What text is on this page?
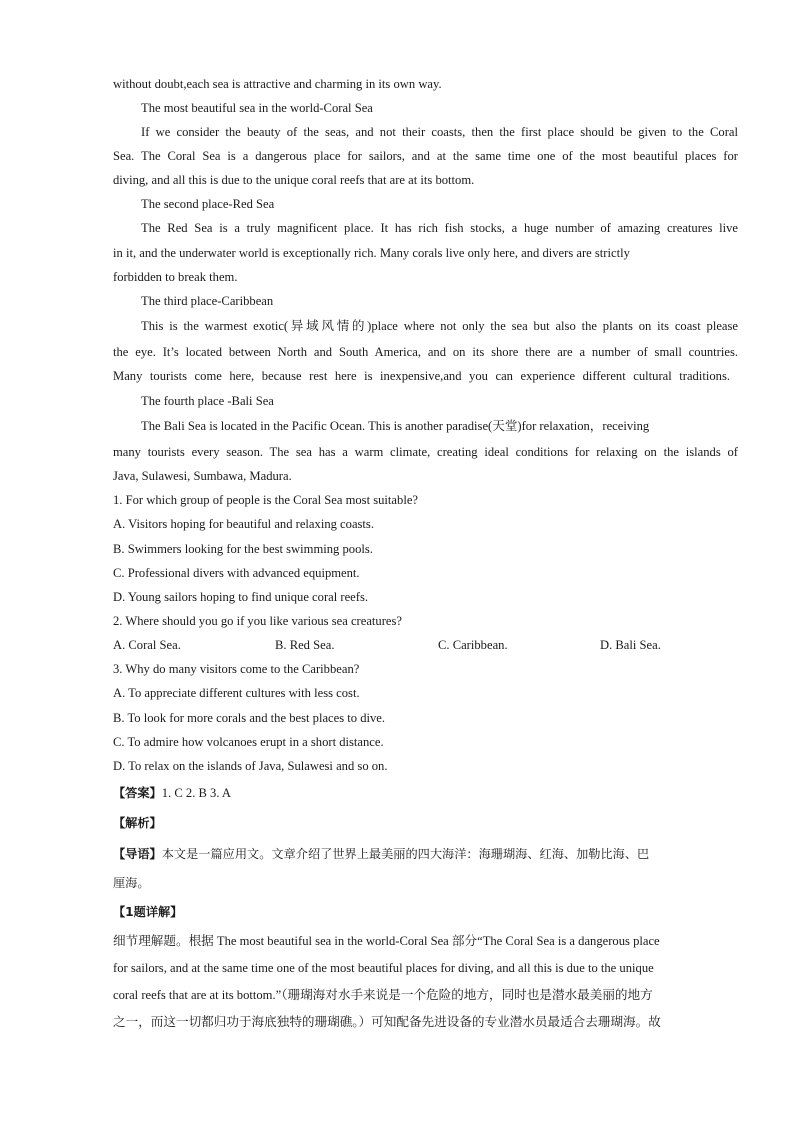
without doubt,each sea is attractive and charming in its own way.
The most beautiful sea in the world-Coral Sea
If we consider the beauty of the seas, and not their coasts, then the first place should be given to the Coral
Sea. The Coral Sea is a dangerous place for sailors, and at the same time one of the most beautiful places for
diving, and all this is due to the unique coral reefs that are at its bottom.
The second place-Red Sea
The Red Sea is a truly magnificent place. It has rich fish stocks, a huge number of amazing creatures live
in it, and the underwater world is exceptionally rich. Many corals live only here, and divers are strictly
forbidden to break them.
The third place-Caribbean
This is the warmest exotic(异域风情的)place where not only the sea but also the plants on its coast please
the eye. It’s located between North and South America, and on its shore there are a number of small countries.
Many tourists come here, because rest here is inexpensive,and you can experience different cultural traditions.
The fourth place -Bali Sea
The Bali Sea is located in the Pacific Ocean. This is another paradise(天堂)for relaxation，receiving
many tourists every season. The sea has a warm climate, creating ideal conditions for relaxing on the islands of
Java, Sulawesi, Sumbawa, Madura.
1. For which group of people is the Coral Sea most suitable?
A. Visitors hoping for beautiful and relaxing coasts.
B. Swimmers looking for the best swimming pools.
C. Professional divers with advanced equipment.
D. Young sailors hoping to find unique coral reefs.
2. Where should you go if you like various sea creatures?
A. Coral Sea.	B. Red Sea.	C. Caribbean.	D. Bali Sea.
3. Why do many visitors come to the Caribbean?
A. To appreciate different cultures with less cost.
B. To look for more corals and the best places to dive.
C. To admire how volcanoes erupt in a short distance.
D. To relax on the islands of Java, Sulawesi and so on.
【答案】1. C 2. B 3. A
【解析】
【导语】本文是一篇应用文。文章介绍了世界上最美丽的四大海洋：海珊瑚海、红海、加勒比海、巴
厘海。
【1题详解】
细节理解题。根据 The most beautiful sea in the world-Coral Sea 部分“The Coral Sea is a dangerous place
for sailors, and at the same time one of the most beautiful places for diving, and all this is due to the unique
coral reefs that are at its bottom.”（珊瑚海对水手来说是一个危险的地方，同时也是潜水最美丽的地方
之一，而这一切都归功于海底独特的珊瑚礁。）可知配备先进设备的专业潜水员最适合去珊瑚海。故
